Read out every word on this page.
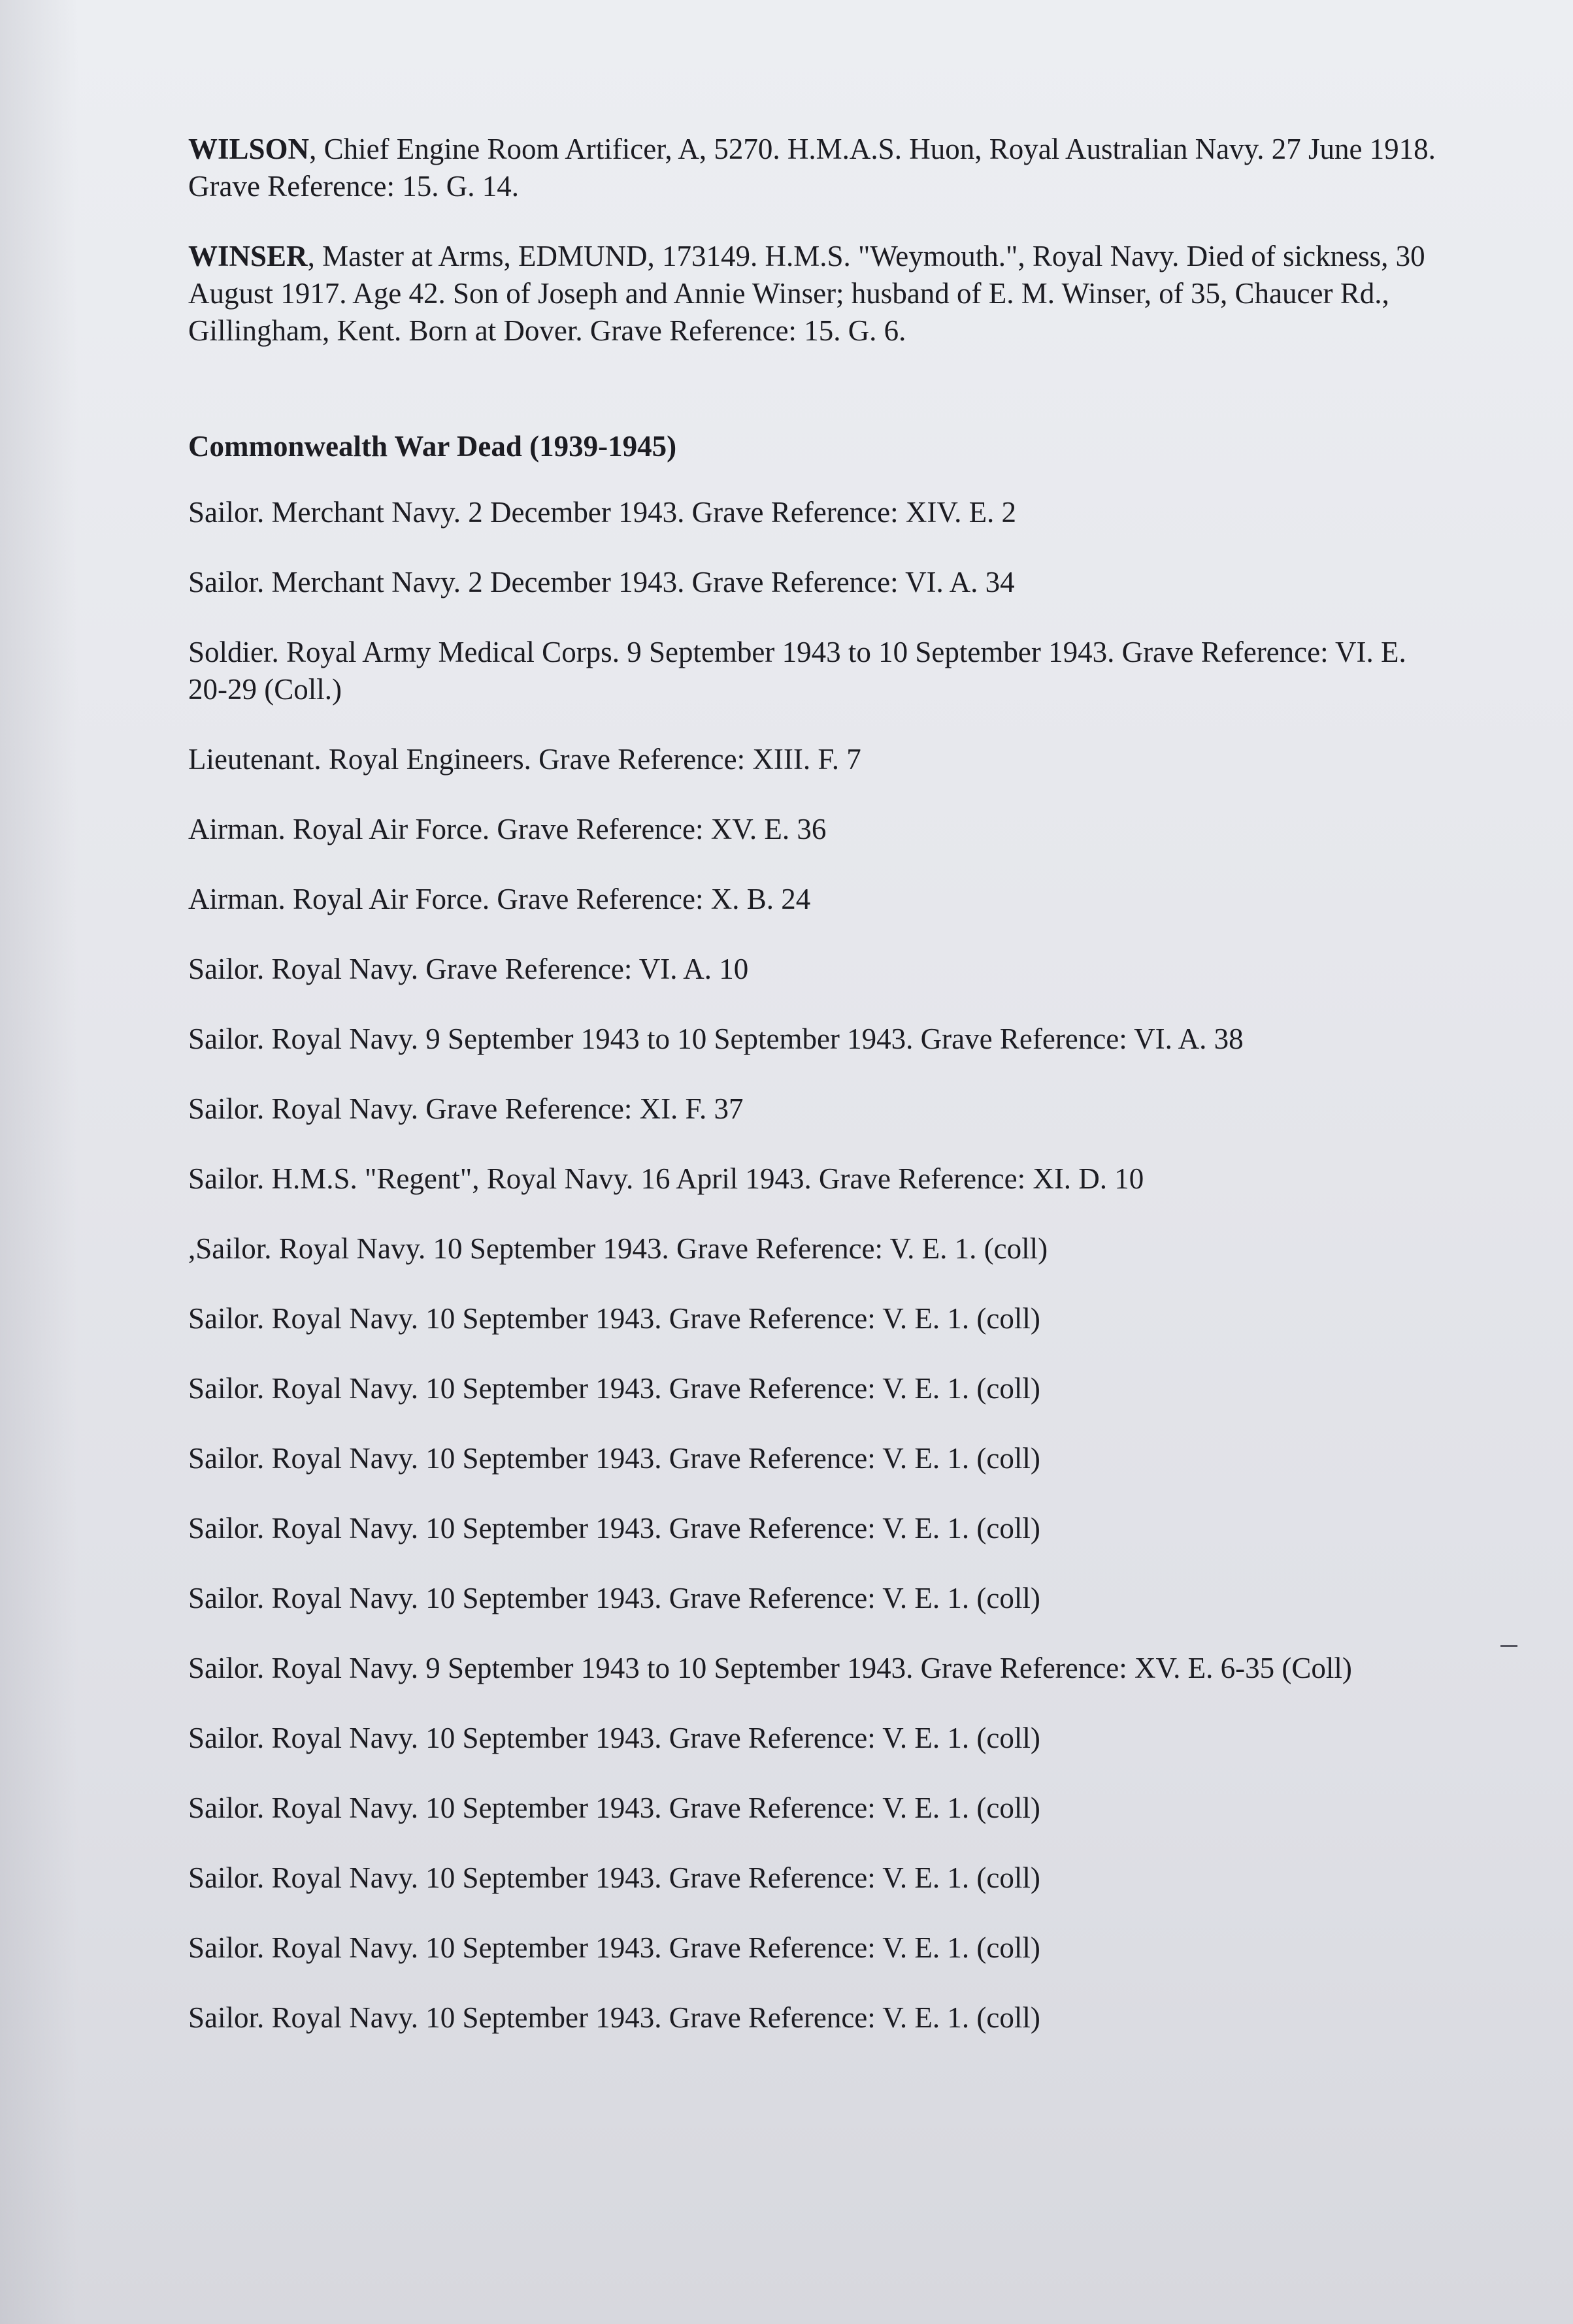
WILSON, Chief Engine Room Artificer, A, 5270. H.M.A.S. Huon, Royal Australian Navy. 27 June 1918. Grave Reference: 15. G. 14.

WINSER, Master at Arms, EDMUND, 173149. H.M.S. "Weymouth.", Royal Navy. Died of sickness, 30 August 1917. Age 42. Son of Joseph and Annie Winser; husband of E. M. Winser, of 35, Chaucer Rd., Gillingham, Kent. Born at Dover. Grave Reference: 15. G. 6.

Commonwealth War Dead (1939-1945)

Sailor. Merchant Navy. 2 December 1943. Grave Reference: XIV. E. 2

Sailor. Merchant Navy. 2 December 1943. Grave Reference: VI. A. 34

Soldier. Royal Army Medical Corps. 9 September 1943 to 10 September 1943. Grave Reference: VI. E. 20-29 (Coll.)

Lieutenant. Royal Engineers. Grave Reference: XIII. F. 7

Airman. Royal Air Force. Grave Reference: XV. E. 36

Airman. Royal Air Force. Grave Reference: X. B. 24

Sailor. Royal Navy. Grave Reference: VI. A. 10

Sailor. Royal Navy. 9 September 1943 to 10 September 1943. Grave Reference: VI. A. 38

Sailor. Royal Navy. Grave Reference: XI. F. 37

Sailor. H.M.S. "Regent", Royal Navy. 16 April 1943. Grave Reference: XI. D. 10

,Sailor. Royal Navy. 10 September 1943. Grave Reference: V. E. 1. (coll)

Sailor. Royal Navy. 10 September 1943. Grave Reference: V. E. 1. (coll)

Sailor. Royal Navy. 10 September 1943. Grave Reference: V. E. 1. (coll)

Sailor. Royal Navy. 10 September 1943. Grave Reference: V. E. 1. (coll)

Sailor. Royal Navy. 10 September 1943. Grave Reference: V. E. 1. (coll)

Sailor. Royal Navy. 10 September 1943. Grave Reference: V. E. 1. (coll)

Sailor. Royal Navy. 9 September 1943 to 10 September 1943. Grave Reference: XV. E. 6-35 (Coll)

Sailor. Royal Navy. 10 September 1943. Grave Reference: V. E. 1. (coll)

Sailor. Royal Navy. 10 September 1943. Grave Reference: V. E. 1. (coll)

Sailor. Royal Navy. 10 September 1943. Grave Reference: V. E. 1. (coll)

Sailor. Royal Navy. 10 September 1943. Grave Reference: V. E. 1. (coll)

Sailor. Royal Navy. 10 September 1943. Grave Reference: V. E. 1. (coll)
